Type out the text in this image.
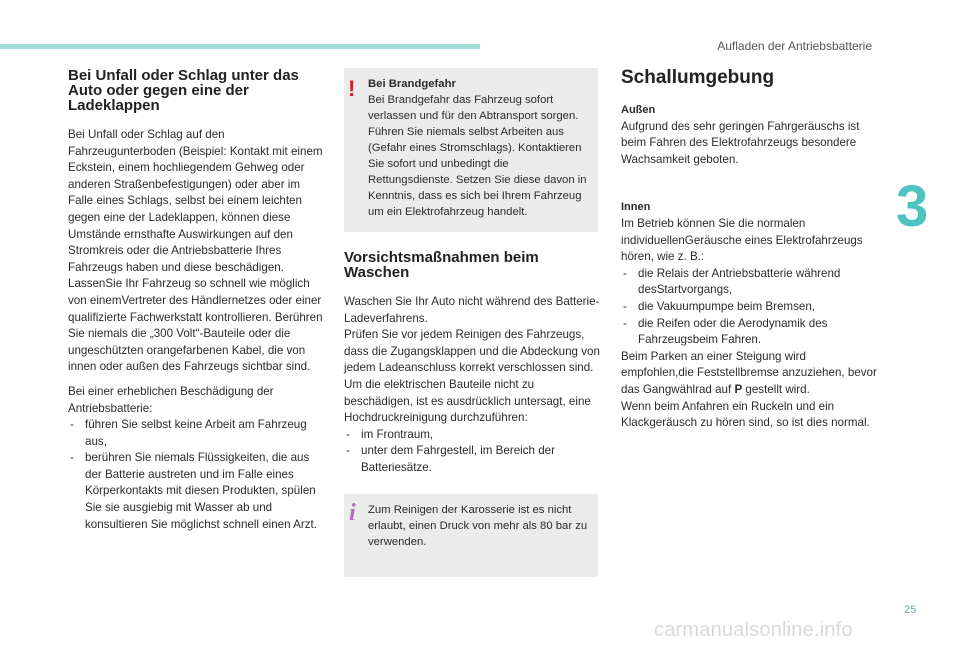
Aufladen der Antriebsbatterie
3
Bei Unfall oder Schlag unter das Auto oder gegen eine der Ladeklappen

Bei Unfall oder Schlag auf den Fahrzeugunterboden (Beispiel: Kontakt mit einem Eckstein, einem hochliegendem Gehweg oder anderen Straßenbefestigungen) oder aber im Falle eines Schlags, selbst bei einem leichten gegen eine der Ladeklappen, können diese Umstände ernsthafte Auswirkungen auf den Stromkreis oder die Antriebsbatterie Ihres Fahrzeugs haben und diese beschädigen. LassenSie Ihr Fahrzeug so schnell wie möglich von einemVertreter des Händlernetzes oder einer qualifizierte Fachwerkstatt kontrollieren. Berühren Sie niemals die „300 Volt“-Bauteile oder die ungeschützten orangefarbenen Kabel, die von innen oder außen des Fahrzeugs sichtbar sind.

Bei einer erheblichen Beschädigung der Antriebsbatterie:

- führen Sie selbst keine Arbeit am Fahrzeug aus,
- berühren Sie niemals Flüssigkeiten, die aus der Batterie austreten und im Falle eines Körperkontakts mit diesen Produkten, spülen Sie sie ausgiebig mit Wasser ab und konsultieren Sie möglichst schnell einen Arzt.
! Bei Brandgefahr
Bei Brandgefahr das Fahrzeug sofort verlassen und für den Abtransport sorgen. Führen Sie niemals selbst Arbeiten aus (Gefahr eines Stromschlags). Kontaktieren Sie sofort und unbedingt die Rettungsdienste. Setzen Sie diese davon in Kenntnis, dass es sich bei Ihrem Fahrzeug um ein Elektrofahrzeug handelt.
Vorsichtsmaßnahmen beim Waschen

Waschen Sie Ihr Auto nicht während des Batterie-Ladeverfahrens.

Prüfen Sie vor jedem Reinigen des Fahrzeugs, dass die Zugangsklappen und die Abdeckung von jedem Ladeanschluss korrekt verschlossen sind.

Um die elektrischen Bauteile nicht zu beschädigen, ist es ausdrücklich untersagt, eine Hochdruckreinigung durchzuführen:

- im Frontraum,
- unter dem Fahrgestell, im Bereich der Batteriesätze.
i Zum Reinigen der Karosserie ist es nicht erlaubt, einen Druck von mehr als 80 bar zu verwenden.
Schallumgebung
Außen

Aufgrund des sehr geringen Fahrgeräuschs ist beim Fahren des Elektrofahrzeugs besondere Wachsamkeit geboten.

Innen

Im Betrieb können Sie die normalen individuellenGeräusche eines Elektrofahrzeugs hören, wie z. B.:

- die Relais der Antriebsbatterie während desStartvorgangs,
- die Vakuumpumpe beim Bremsen,
- die Reifen oder die Aerodynamik des Fahrzeugsbeim Fahren.

Beim Parken an einer Steigung wird empfohlen,die Feststellbremse anzuziehen, bevor das Gangwählrad auf P gestellt wird.

Wenn beim Anfahren ein Ruckeln und ein Klackgeräusch zu hören sind, so ist dies normal.

25
carmanualsonline.info
